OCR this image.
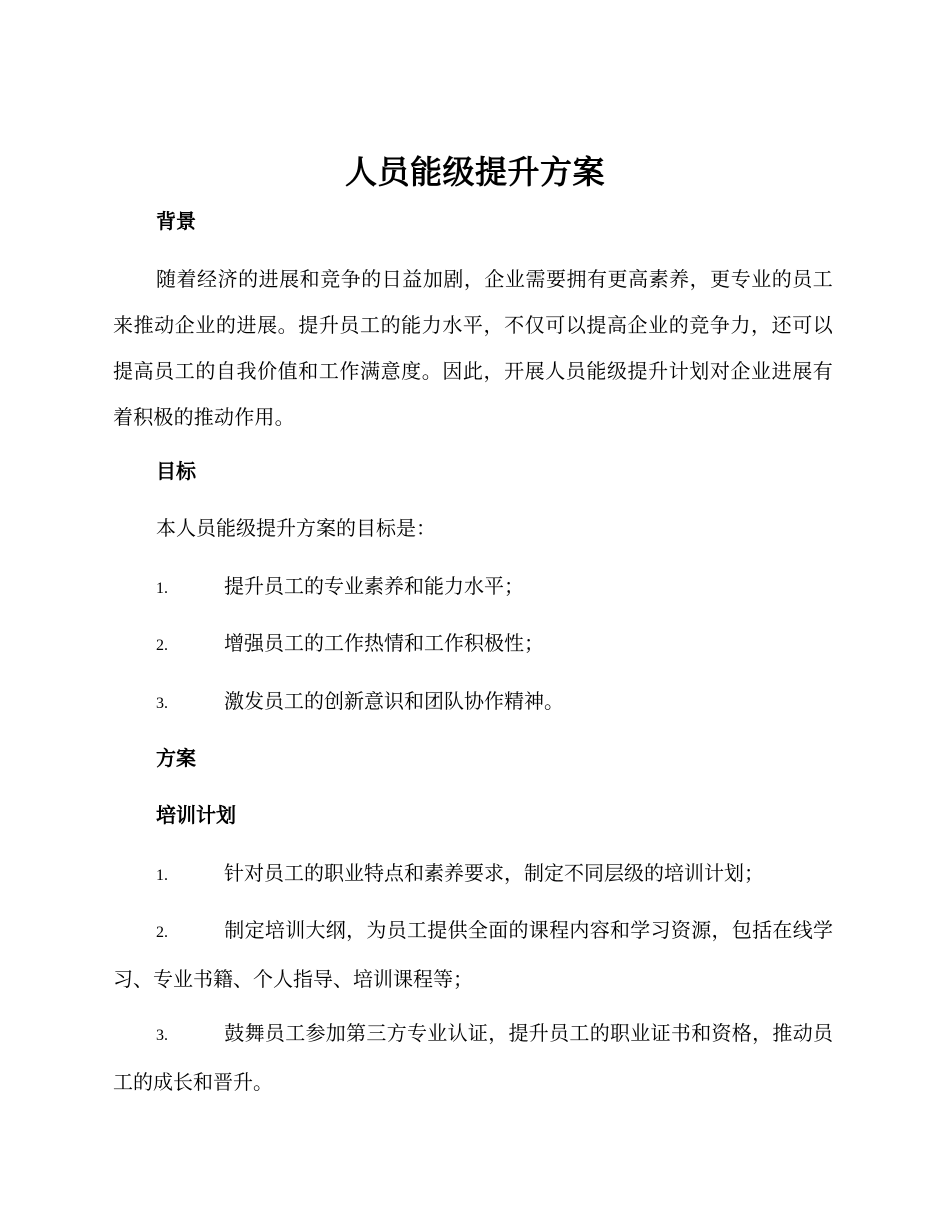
人员能级提升方案
背景

随着经济的进展和竞争的日益加剧，企业需要拥有更高素养，更专业的员工来推动企业的进展。提升员工的能力水平，不仅可以提高企业的竞争力，还可以提高员工的自我价值和工作满意度。因此，开展人员能级提升计划对企业进展有着积极的推动作用。

目标
本人员能级提升方案的目标是：

1.	提升员工的专业素养和能力水平；

2.	增强员工的工作热情和工作积极性；

3.	激发员工的创新意识和团队协作精神。

方案
培训计划

1.	针对员工的职业特点和素养要求，制定不同层级的培训计划；

2.	制定培训大纲，为员工提供全面的课程内容和学习资源，包括在线学习、专业书籍、个人指导、培训课程等；

3.	鼓舞员工参加第三方专业认证，提升员工的职业证书和资格，推动员工的成长和晋升。
